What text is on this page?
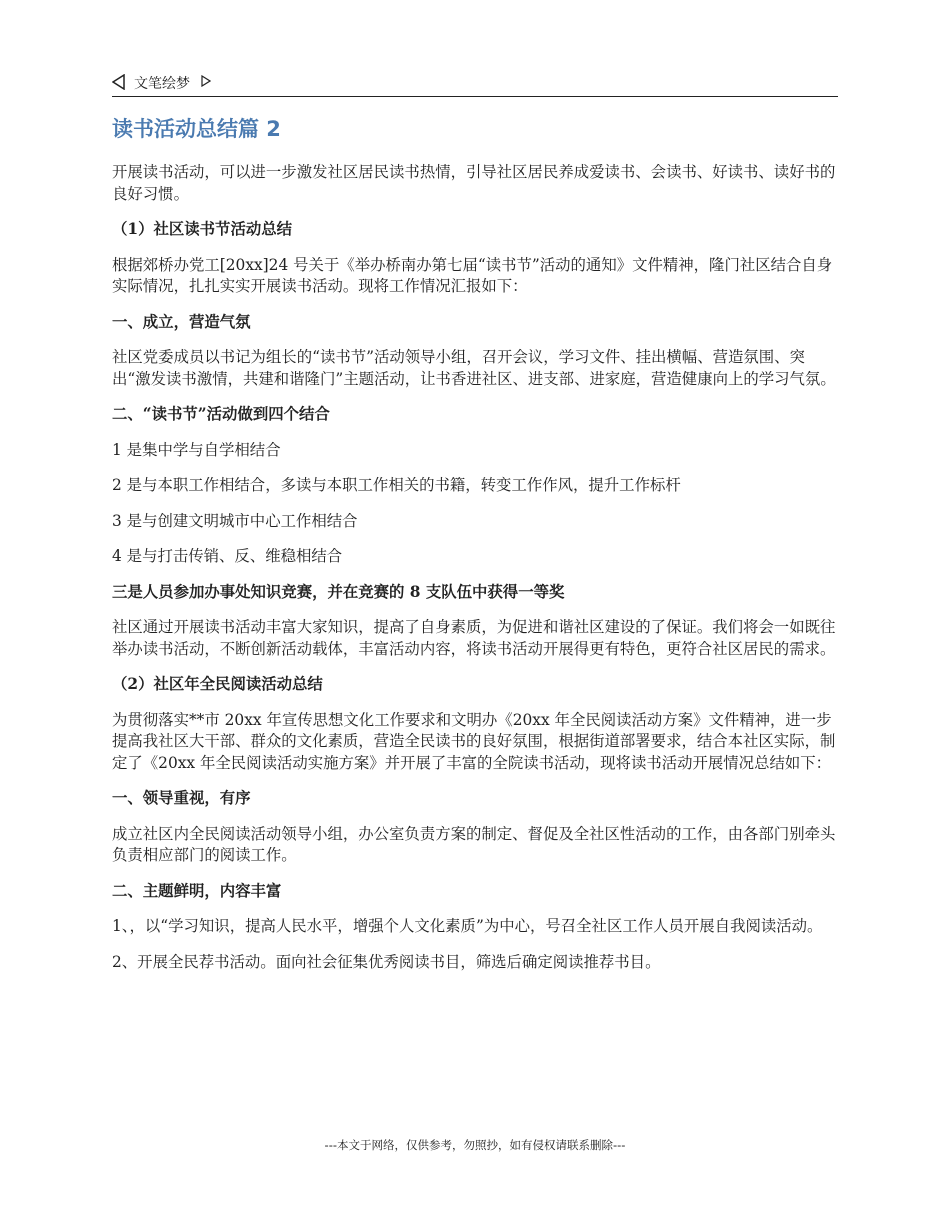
文笔绘梦
读书活动总结篇 2

开展读书活动，可以进一步激发社区居民读书热情，引导社区居民养成爱读书、会读书、好读书、读好书的良好习惯。

（1）社区读书节活动总结

根据郊桥办党工[20xx]24 号关于《举办桥南办第七届“读书节”活动的通知》文件精神，隆门社区结合自身实际情况，扎扎实实开展读书活动。现将工作情况汇报如下：

一、成立，营造气氛

社区党委成员以书记为组长的“读书节”活动领导小组，召开会议，学习文件、挂出横幅、营造氛围、突出“激发读书激情，共建和谐隆门”主题活动，让书香进社区、进支部、进家庭，营造健康向上的学习气氛。

二、“读书节”活动做到四个结合

1 是集中学与自学相结合

2 是与本职工作相结合，多读与本职工作相关的书籍，转变工作作风，提升工作标杆

3 是与创建文明城市中心工作相结合

4 是与打击传销、反、维稳相结合

三是人员参加办事处知识竞赛，并在竞赛的 8 支队伍中获得一等奖

社区通过开展读书活动丰富大家知识，提高了自身素质，为促进和谐社区建设的了保证。我们将会一如既往举办读书活动，不断创新活动载体，丰富活动内容，将读书活动开展得更有特色，更符合社区居民的需求。

（2）社区年全民阅读活动总结

为贯彻落实**市 20xx 年宣传思想文化工作要求和文明办《20xx 年全民阅读活动方案》文件精神，进一步提高我社区大干部、群众的文化素质，营造全民读书的良好氛围，根据街道部署要求，结合本社区实际，制定了《20xx 年全民阅读活动实施方案》并开展了丰富的全院读书活动，现将读书活动开展情况总结如下：

一、领导重视，有序

成立社区内全民阅读活动领导小组，办公室负责方案的制定、督促及全社区性活动的工作，由各部门别牵头负责相应部门的阅读工作。

二、主题鲜明，内容丰富

1、，以“学习知识，提高人民水平，增强个人文化素质”为中心，号召全社区工作人员开展自我阅读活动。

2、开展全民荐书活动。面向社会征集优秀阅读书目，筛选后确定阅读推荐书目。

---本文于网络，仅供参考，勿照抄，如有侵权请联系删除---
